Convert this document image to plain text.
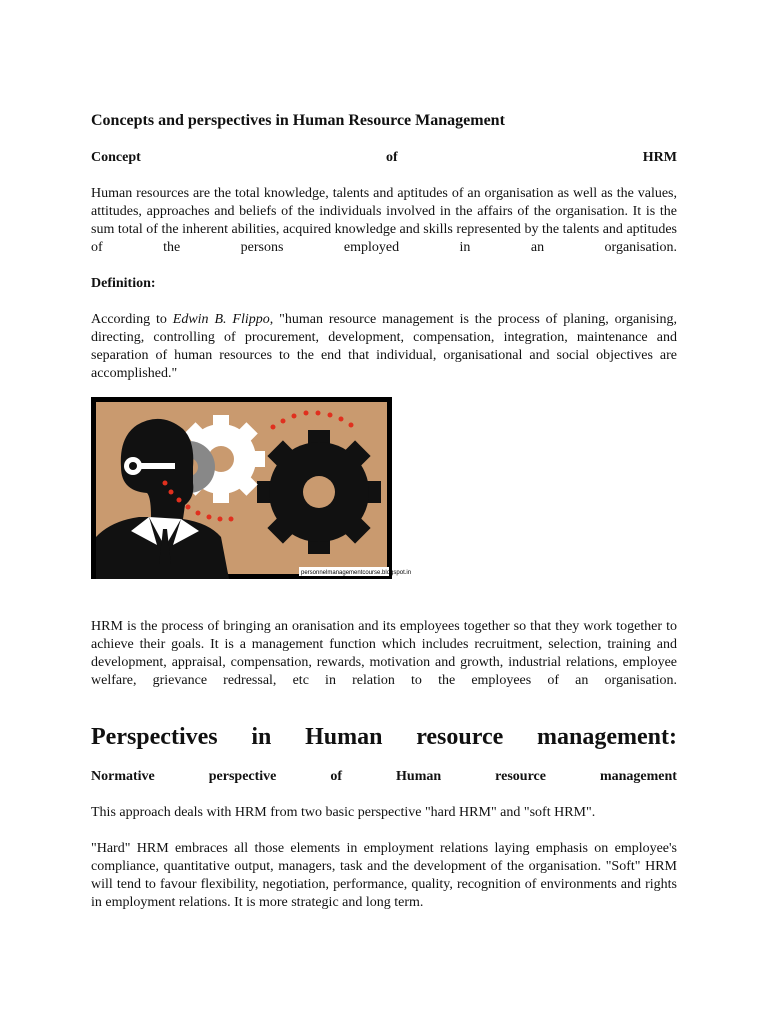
Concepts and perspectives in Human Resource Management
Concept	of	HRM
Human resources are the total knowledge, talents and aptitudes of an organisation as well as the values, attitudes, approaches and beliefs of the individuals involved in the affairs of the organisation. It is the sum total of the inherent abilities, acquired knowledge and skills represented by the talents and aptitudes of the persons employed in an organisation.
Definition:
According to Edwin B. Flippo, "human resource management is the process of planing, organising, directing, controlling of procurement, development, compensation, integration, maintenance and separation of human resources to the end that individual, organisational and social objectives are accomplished."
personnelmanagementcourse.blogspot.in
HRM is the process of bringing an oranisation and its employees together so that they work together to achieve their goals. It is a management function which includes recruitment, selection, training and development, appraisal, compensation, rewards, motivation and growth, industrial relations, employee welfare, grievance redressal, etc in relation to the employees of an organisation.
Perspectives in Human resource management:
Normative	perspective	of	Human	resource	management
This approach deals with HRM from two basic perspective "hard HRM" and "soft HRM".
"Hard" HRM embraces all those elements in employment relations laying emphasis on employee's compliance, quantitative output, managers, task and the development of the organisation. "Soft" HRM will tend to favour flexibility, negotiation, performance, quality, recognition of environments and rights in employment relations. It is more strategic and long term.
